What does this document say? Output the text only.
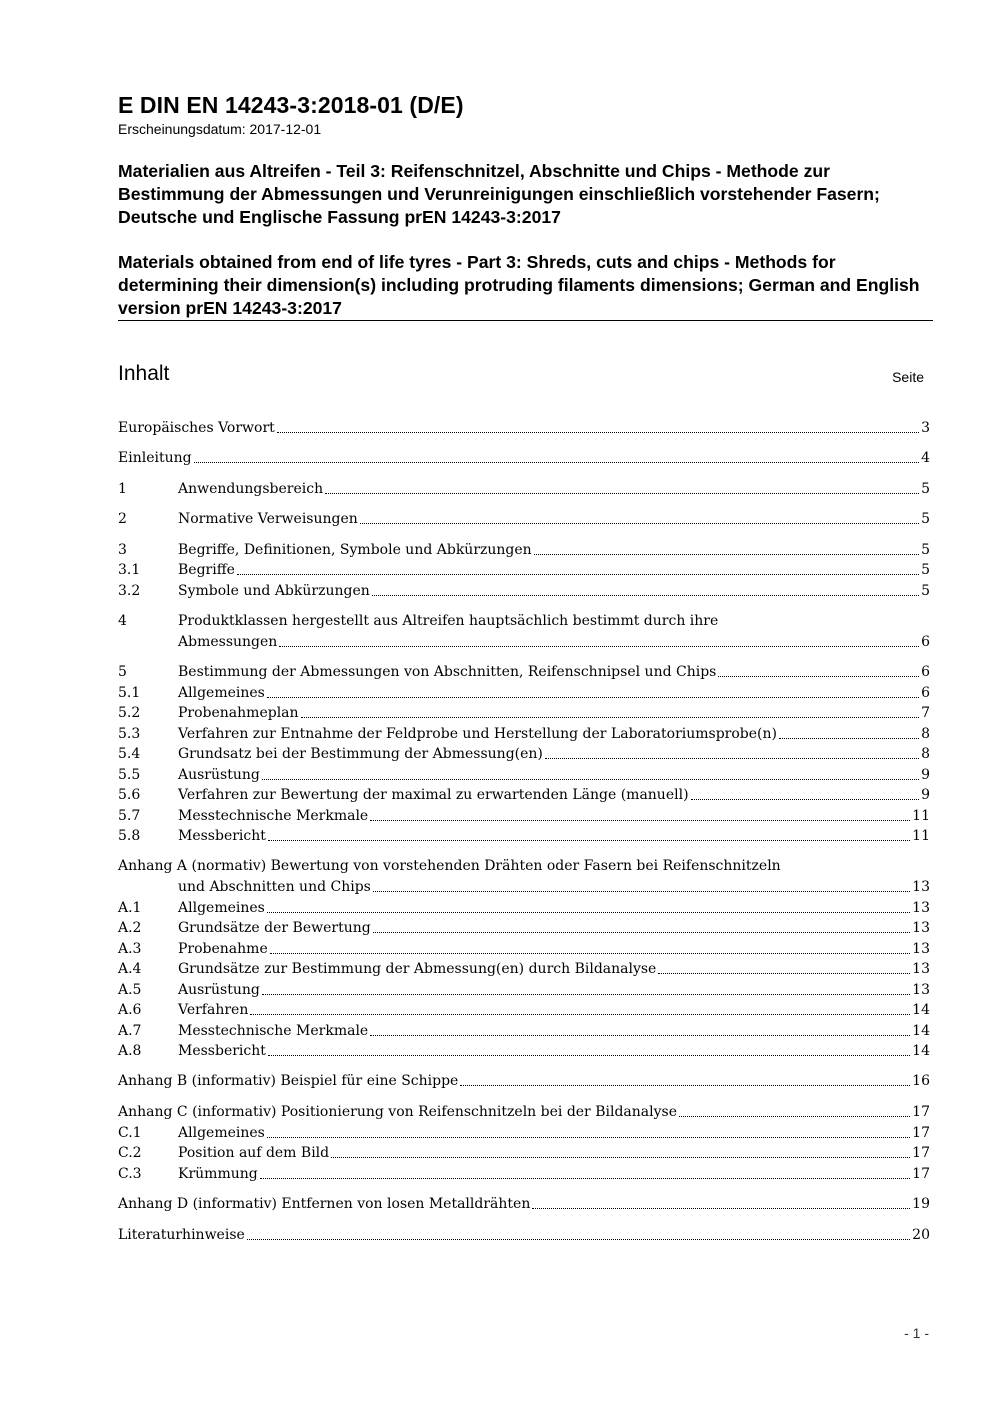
E DIN EN 14243-3:2018-01 (D/E)
Erscheinungsdatum: 2017-12-01
Materialien aus Altreifen - Teil 3: Reifenschnitzel, Abschnitte und Chips - Methode zur Bestimmung der Abmessungen und Verunreinigungen einschließlich vorstehender Fasern; Deutsche und Englische Fassung prEN 14243-3:2017
Materials obtained from end of life tyres - Part 3: Shreds, cuts and chips - Methods for determining their dimension(s) including protruding filaments dimensions; German and English version prEN 14243-3:2017
Inhalt	Seite
Europäisches Vorwort	3
Einleitung	4
1	Anwendungsbereich	5
2	Normative Verweisungen	5
3	Begriffe, Definitionen, Symbole und Abkürzungen	5
3.1	Begriffe	5
3.2	Symbole und Abkürzungen	5
4	Produktklassen hergestellt aus Altreifen hauptsächlich bestimmt durch ihre
Abmessungen	6
5	Bestimmung der Abmessungen von Abschnitten, Reifenschnipsel und Chips	6
5.1	Allgemeines	6
5.2	Probenahmeplan	7
5.3	Verfahren zur Entnahme der Feldprobe und Herstellung der Laboratoriumsprobe(n)	8
5.4	Grundsatz bei der Bestimmung der Abmessung(en)	8
5.5	Ausrüstung	9
5.6	Verfahren zur Bewertung der maximal zu erwartenden Länge (manuell)	9
5.7	Messtechnische Merkmale	11
5.8	Messbericht	11
Anhang A (normativ) Bewertung von vorstehenden Drähten oder Fasern bei Reifenschnitzeln
und Abschnitten und Chips	13
A.1	Allgemeines	13
A.2	Grundsätze der Bewertung	13
A.3	Probenahme	13
A.4	Grundsätze zur Bestimmung der Abmessung(en) durch Bildanalyse	13
A.5	Ausrüstung	13
A.6	Verfahren	14
A.7	Messtechnische Merkmale	14
A.8	Messbericht	14
Anhang B (informativ) Beispiel für eine Schippe	16
Anhang C (informativ) Positionierung von Reifenschnitzeln bei der Bildanalyse	17
C.1	Allgemeines	17
C.2	Position auf dem Bild	17
C.3	Krümmung	17
Anhang D (informativ) Entfernen von losen Metalldrähten	19
Literaturhinweise	20
- 1 -
